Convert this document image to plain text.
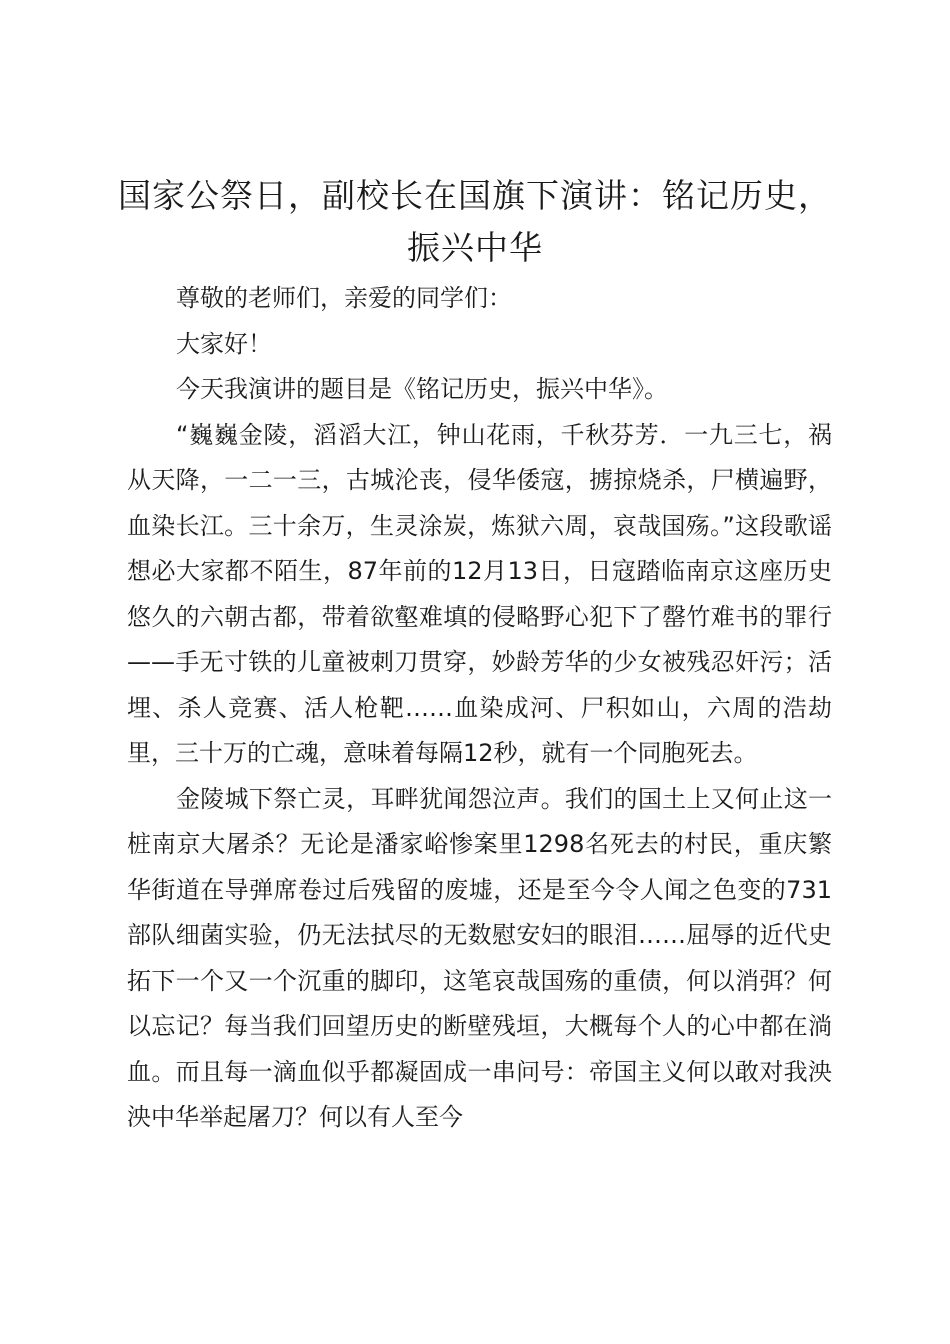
国家公祭日，副校长在国旗下演讲：铭记历史，振兴中华

尊敬的老师们，亲爱的同学们：

大家好！

今天我演讲的题目是《铭记历史，振兴中华》。

“巍巍金陵，滔滔大江，钟山花雨，千秋芬芳．一九三七，祸从天降，一二一三，古城沦丧，侵华倭寇，掳掠烧杀，尸横遍野，血染长江。三十余万，生灵涂炭，炼狱六周，哀哉国殇。”这段歌谣想必大家都不陌生，87年前的12月13日，日寇踏临南京这座历史悠久的六朝古都，带着欲壑难填的侵略野心犯下了罄竹难书的罪行——手无寸铁的儿童被刺刀贯穿，妙龄芳华的少女被残忍奸污；活埋、杀人竞赛、活人枪靶……血染成河、尸积如山，六周的浩劫里，三十万的亡魂，意味着每隔12秒，就有一个同胞死去。

金陵城下祭亡灵，耳畔犹闻怨泣声。我们的国土上又何止这一桩南京大屠杀？无论是潘家峪惨案里1298名死去的村民，重庆繁华街道在导弹席卷过后残留的废墟，还是至今令人闻之色变的731部队细菌实验，仍无法拭尽的无数慰安妇的眼泪……屈辱的近代史拓下一个又一个沉重的脚印，这笔哀哉国殇的重债，何以消弭？何以忘记？每当我们回望历史的断壁残垣，大概每个人的心中都在淌血。而且每一滴血似乎都凝固成一串问号：帝国主义何以敢对我泱泱中华举起屠刀？何以有人至今
